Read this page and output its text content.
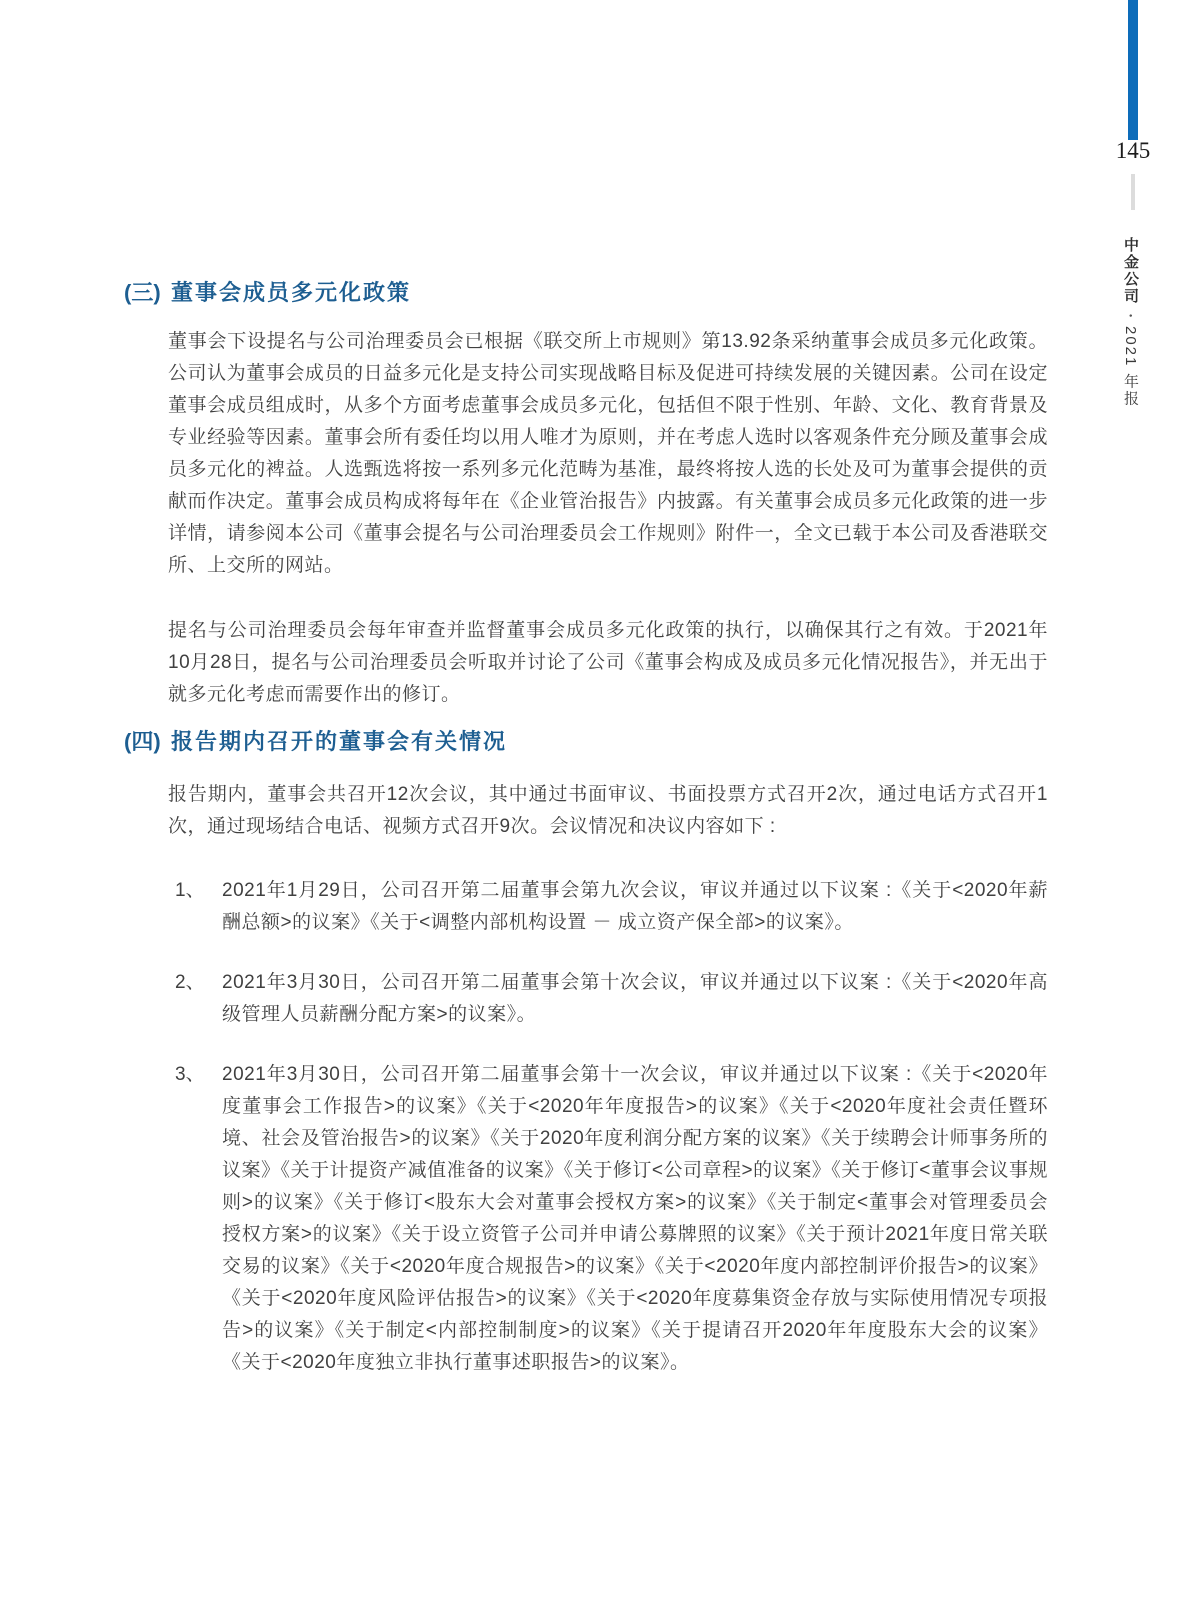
145
中金公司
•
2021 年报
(三) 董事会成员多元化政策

董事会下设提名与公司治理委员会已根据《联交所上市规则》第13.92条采纳董事会成员多元化政策。公司认为董事会成员的日益多元化是支持公司实现战略目标及促进可持续发展的关键因素。公司在设定董事会成员组成时，从多个方面考虑董事会成员多元化，包括但不限于性别、年龄、文化、教育背景及专业经验等因素。董事会所有委任均以用人唯才为原则，并在考虑人选时以客观条件充分顾及董事会成员多元化的裨益。人选甄选将按一系列多元化范畴为基准，最终将按人选的长处及可为董事会提供的贡献而作决定。董事会成员构成将每年在《企业管治报告》内披露。有关董事会成员多元化政策的进一步详情，请参阅本公司《董事会提名与公司治理委员会工作规则》附件一，全文已载于本公司及香港联交所、上交所的网站。

提名与公司治理委员会每年审查并监督董事会成员多元化政策的执行，以确保其行之有效。于2021年10月28日，提名与公司治理委员会听取并讨论了公司《董事会构成及成员多元化情况报告》，并无出于就多元化考虑而需要作出的修订。

(四) 报告期内召开的董事会有关情况

报告期内，董事会共召开12次会议，其中通过书面审议、书面投票方式召开2次，通过电话方式召开1次，通过现场结合电话、视频方式召开9次。会议情况和决议内容如下 :

1、 2021年1月29日，公司召开第二届董事会第九次会议，审议并通过以下议案 :《关于<2020年薪酬总额>的议案》《关于<调整内部机构设置 － 成立资产保全部>的议案》。
2、 2021年3月30日，公司召开第二届董事会第十次会议，审议并通过以下议案 :《关于<2020年高级管理人员薪酬分配方案>的议案》。
3、 2021年3月30日，公司召开第二届董事会第十一次会议，审议并通过以下议案 :《关于<2020年度董事会工作报告>的议案》《关于<2020年年度报告>的议案》《关于<2020年度社会责任暨环境、社会及管治报告>的议案》《关于2020年度利润分配方案的议案》《关于续聘会计师事务所的议案》《关于计提资产减值准备的议案》《关于修订<公司章程>的议案》《关于修订<董事会议事规则>的议案》《关于修订<股东大会对董事会授权方案>的议案》《关于制定<董事会对管理委员会授权方案>的议案》《关于设立资管子公司并申请公募牌照的议案》《关于预计2021年度日常关联交易的议案》《关于<2020年度合规报告>的议案》《关于<2020年度内部控制评价报告>的议案》《关于<2020年度风险评估报告>的议案》《关于<2020年度募集资金存放与实际使用情况专项报告>的议案》《关于制定<内部控制制度>的议案》《关于提请召开2020年年度股东大会的议案》《关于<2020年度独立非执行董事述职报告>的议案》。
